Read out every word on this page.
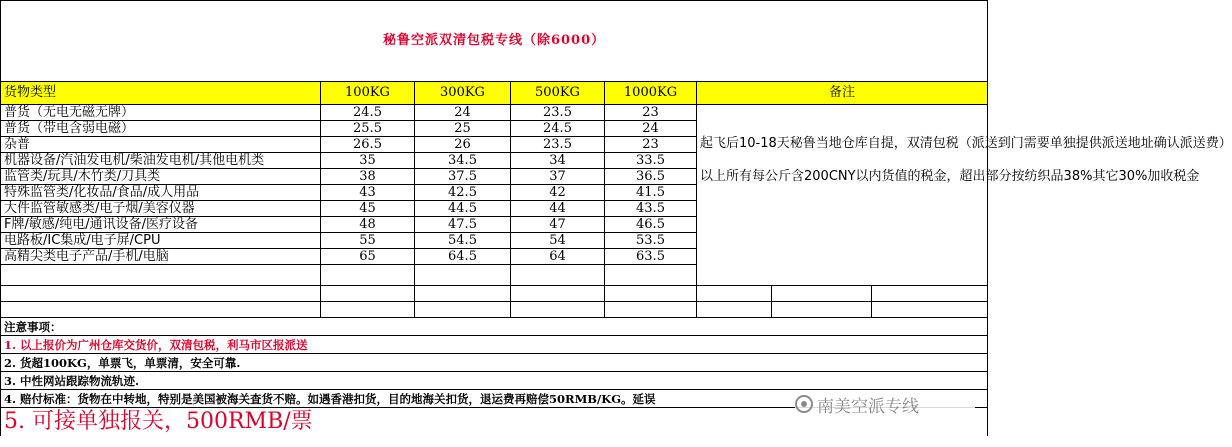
秘鲁空派双清包税专线（除6000）							
货物类型	100KG	300KG	500KG	1000KG	备注		
普货（无电无磁无牌）	24.5	24	23.5	23	起飞后10-18天秘鲁当地仓库自提，双清包税（派送到门需要单独提供派送地址确认派送费）

以上所有每公斤含200CNY以内货值的税金，超出部分按纺织品38%其它30%加收税金		

普货（带电含弱电磁）	25.5	25	24.5	24			
杂普	26.5	26	23.5	23			
机器设备/汽油发电机/柴油发电机/其他电机类	35	34.5	34	33.5			
监管类/玩具/木竹类/刀具类	38	37.5	37	36.5			
特殊监管类/化妆品/食品/成人用品	43	42.5	42	41.5			
大件监管敏感类/电子烟/美容仪器	45	44.5	44	43.5			
F牌/敏感/纯电/通讯设备/医疗设备	48	47.5	47	46.5			
电路板/IC集成/电子屏/CPU	55	54.5	54	53.5			
高精尖类电子产品/手机/电脑	65	64.5	64	63.5			

注意事项：							
1. 以上报价为广州仓库交货价，双清包税，利马市区报派送							
2. 货超100KG，单票飞，单票清，安全可靠.							
3. 中性网站跟踪物流轨迹.							
4. 赔付标准：货物在中转地，特别是美国被海关查货不赔。如遇香港扣货，目的地海关扣货，退运费再赔偿50RMB/KG。延误							
5. 可接单独报关，500RMB/票							
南美空派专线
